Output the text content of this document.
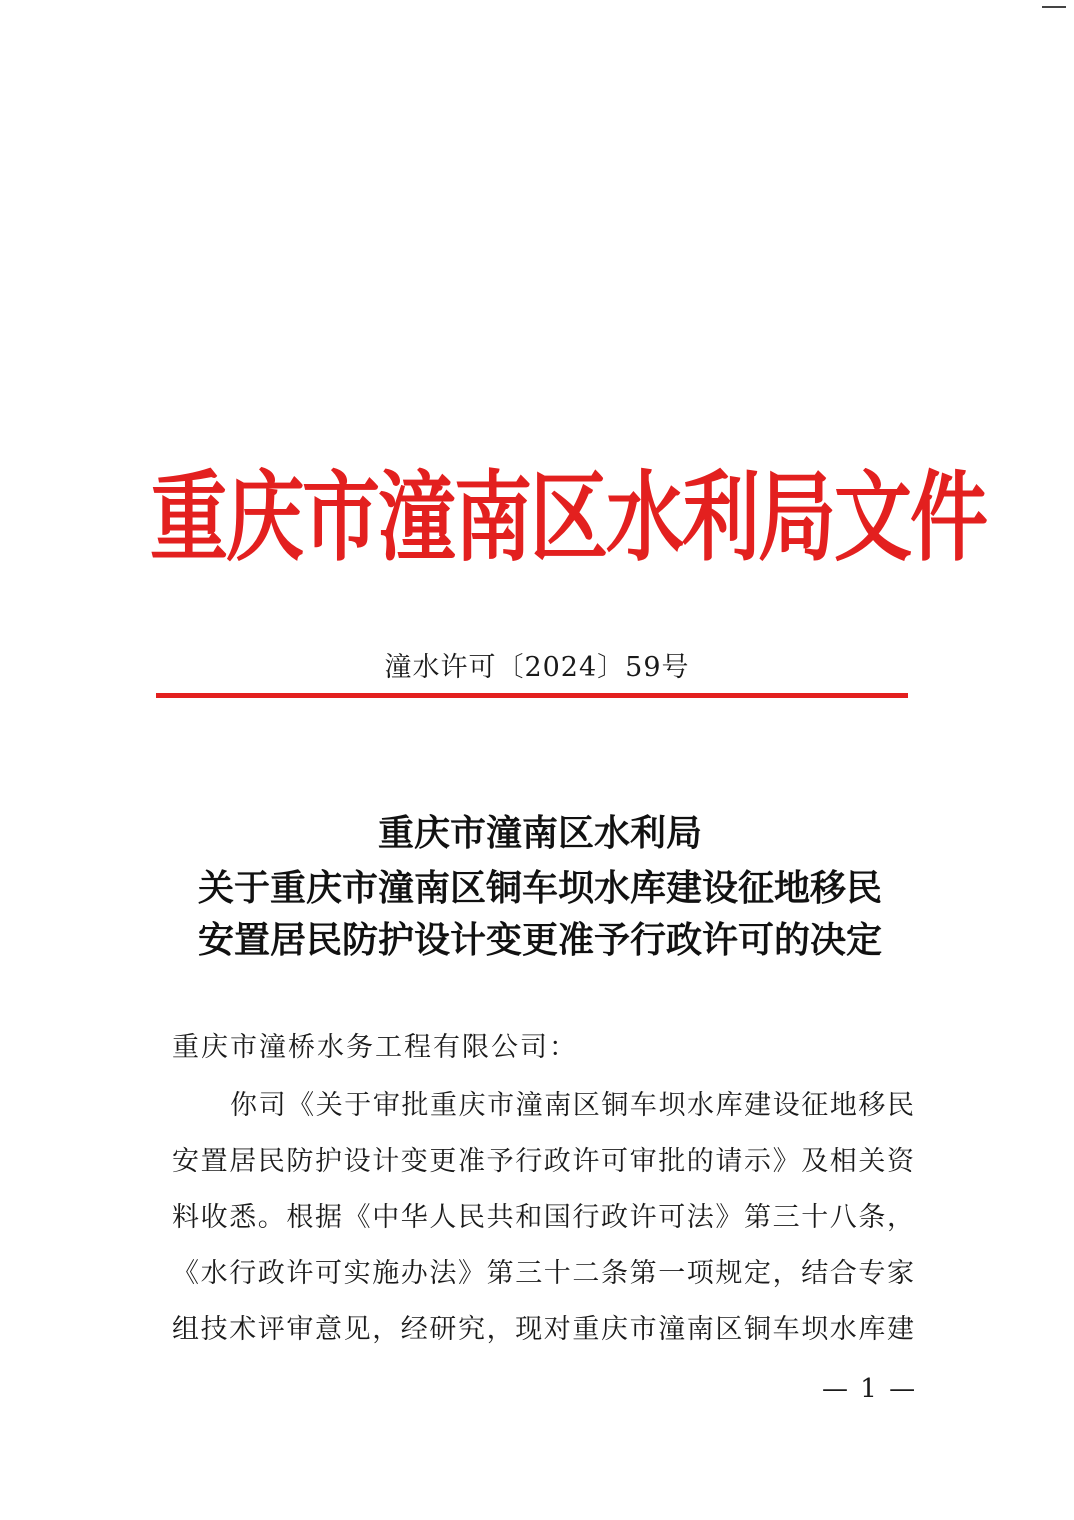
重庆市潼南区水利局文件
潼水许可〔2024〕59号
重庆市潼南区水利局
关于重庆市潼南区铜车坝水库建设征地移民
安置居民防护设计变更准予行政许可的决定
重庆市潼桥水务工程有限公司：
你司《关于审批重庆市潼南区铜车坝水库建设征地移民
安置居民防护设计变更准予行政许可审批的请示》及相关资
料收悉。根据《中华人民共和国行政许可法》第三十八条，
《水行政许可实施办法》第三十二条第一项规定，结合专家
组技术评审意见，经研究，现对重庆市潼南区铜车坝水库建
— 1 —
